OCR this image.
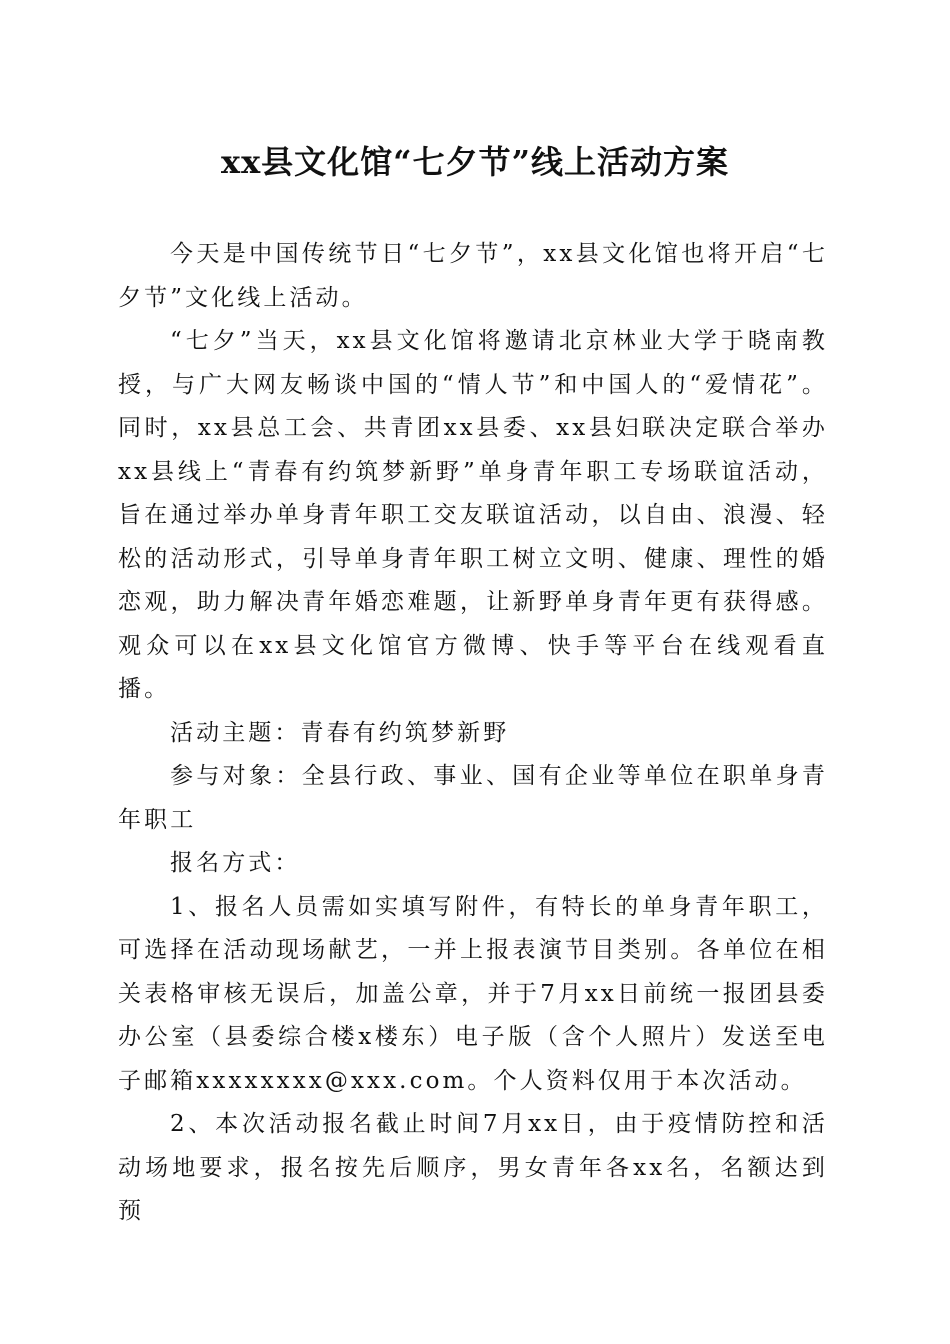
xx县文化馆“七夕节”线上活动方案

今天是中国传统节日“七夕节”，xx县文化馆也将开启“七夕节”文化线上活动。

“七夕”当天，xx县文化馆将邀请北京林业大学于晓南教授，与广大网友畅谈中国的“情人节”和中国人的“爱情花”。同时，xx县总工会、共青团xx县委、xx县妇联决定联合举办xx县线上“青春有约筑梦新野”单身青年职工专场联谊活动，旨在通过举办单身青年职工交友联谊活动，以自由、浪漫、轻松的活动形式，引导单身青年职工树立文明、健康、理性的婚恋观，助力解决青年婚恋难题，让新野单身青年更有获得感。观众可以在xx县文化馆官方微博、快手等平台在线观看直播。

活动主题：青春有约筑梦新野

参与对象：全县行政、事业、国有企业等单位在职单身青年职工

报名方式：

1、报名人员需如实填写附件，有特长的单身青年职工，可选择在活动现场献艺，一并上报表演节目类别。各单位在相关表格审核无误后，加盖公章，并于7月xx日前统一报团县委办公室（县委综合楼x楼东）电子版（含个人照片）发送至电子邮箱xxxxxxxx@xxx.com。个人资料仅用于本次活动。

2、本次活动报名截止时间7月xx日，由于疫情防控和活动场地要求，报名按先后顺序，男女青年各xx名，名额达到预
